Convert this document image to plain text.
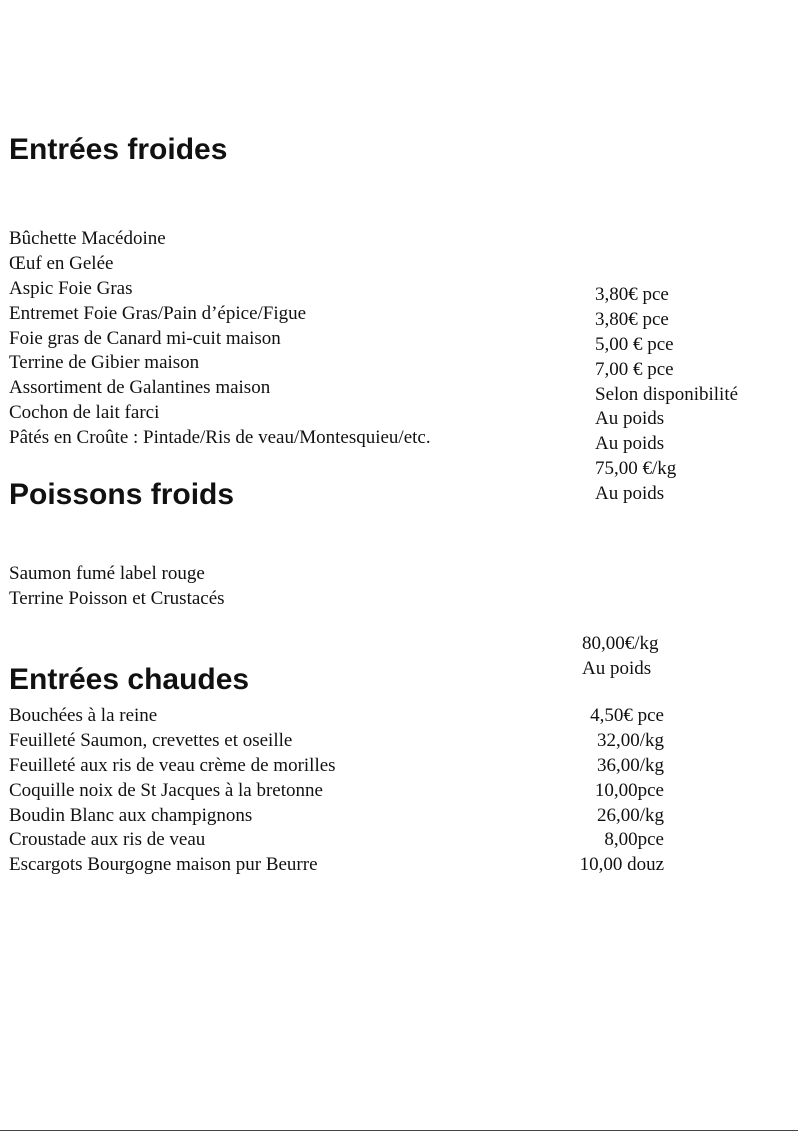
Entrées froides
Bûchette Macédoine
Œuf en Gelée
Aspic Foie Gras
Entremet Foie Gras/Pain d’épice/Figue
Foie gras de Canard mi-cuit maison
Terrine de Gibier maison
Assortiment de Galantines maison
Cochon de lait farci
Pâtés en Croûte : Pintade/Ris de veau/Montesquieu/etc.
3,80€ pce
3,80€ pce
5,00 € pce
7,00 € pce
Selon disponibilité
Au poids
Au poids
75,00 €/kg
Au poids
Poissons froids
Saumon fumé label rouge
Terrine Poisson et Crustacés
80,00€/kg
Au poids
Entrées chaudes
Bouchées à la reine
Feuilleté Saumon, crevettes et oseille
Feuilleté aux ris de veau crème de morilles
Coquille noix de St Jacques à la bretonne
Boudin Blanc aux champignons
Croustade aux ris de veau
Escargots Bourgogne maison pur Beurre
4,50€ pce
32,00/kg
36,00/kg
10,00pce
26,00/kg
8,00pce
10,00 douz
